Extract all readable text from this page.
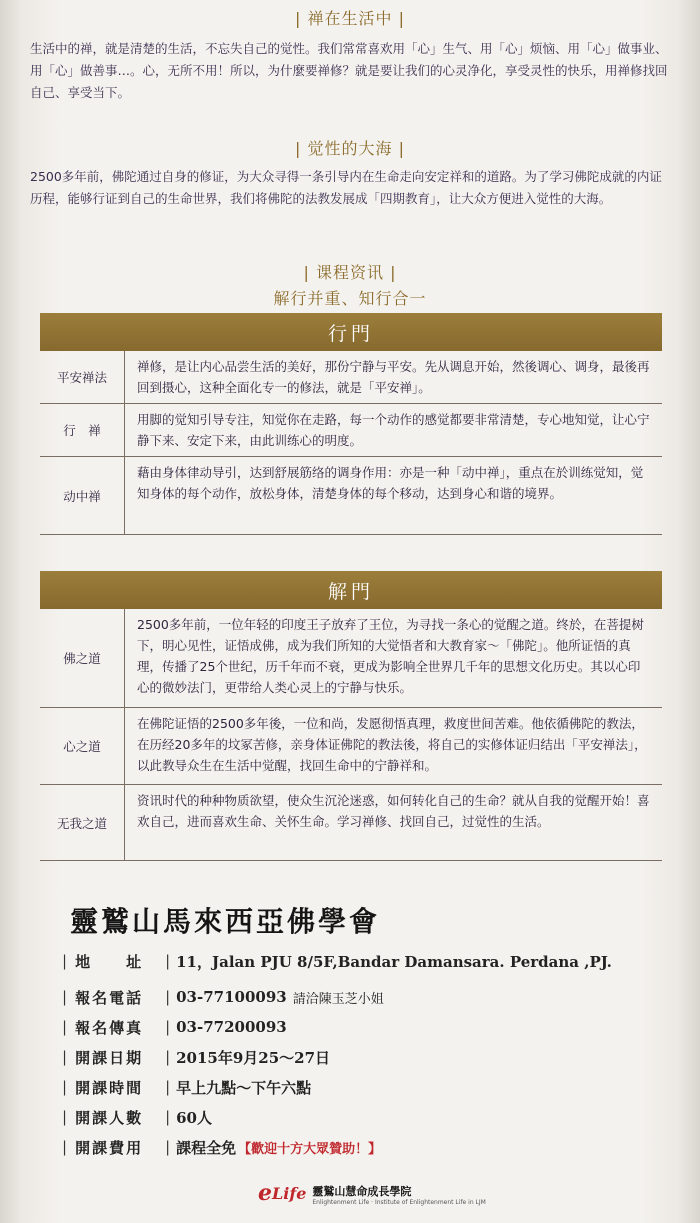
| 禅在生活中 |
生活中的禅，就是清楚的生活，不忘失自己的觉性。我们常常喜欢用「心」生气、用「心」烦恼、用「心」做事业、用「心」做善事…。心，无所不用！所以，为什麼要禅修？就是要让我们的心灵净化，享受灵性的快乐，用禅修找回自己、享受当下。
| 觉性的大海 |
2500多年前，佛陀通过自身的修证，为大众寻得一条引导内在生命走向安定祥和的道路。为了学习佛陀成就的内证历程，能够行证到自己的生命世界，我们将佛陀的法教发展成「四期教育」，让大众方便进入觉性的大海。
| 课程资讯 |
解行并重、知行合一
行門
平安禅法
禅修，是让内心品尝生活的美好，那份宁静与平安。先从调息开始，然後调心、调身，最後再回到摄心，这种全面化专一的修法，就是「平安禅」。
行　禅
用脚的觉知引导专注，知觉你在走路，每一个动作的感觉都要非常清楚，专心地知觉，让心宁静下来、安定下来，由此训练心的明度。
动中禅
藉由身体律动导引，达到舒展筋络的调身作用：亦是一种「动中禅」，重点在於训练觉知，觉知身体的每个动作，放松身体，清楚身体的每个移动，达到身心和谐的境界。
解門
佛之道
2500多年前，一位年轻的印度王子放弃了王位，为寻找一条心的觉醒之道。终於，在菩提树下，明心见性，证悟成佛，成为我们所知的大觉悟者和大教育家～「佛陀」。他所证悟的真理，传播了25个世纪，历千年而不衰，更成为影响全世界几千年的思想文化历史。其以心印心的微妙法门，更带给人类心灵上的宁静与快乐。
心之道
在佛陀证悟的2500多年後，一位和尚，发愿彻悟真理，救度世间苦难。他依循佛陀的教法，在历经20多年的坟冢苦修，亲身体证佛陀的教法後，将自己的实修体证归结出「平安禅法」，以此教导众生在生活中觉醒，找回生命中的宁静祥和。
无我之道
资讯时代的种种物质欲望，使众生沉沦迷惑，如何转化自己的生命？就从自我的觉醒开始！喜欢自己，进而喜欢生命、关怀生命。学习禅修、找回自己，过觉性的生活。
靈鷲山馬來西亞佛學會
| 地　　址	| 11，Jalan PJU 8/5F,Bandar Damansara. Perdana ,PJ.
| 報名電話	| 03-77100093 請洽陳玉芝小姐
| 報名傳真	| 03-77200093
| 開課日期	| 2015年9月25～27日
| 開課時間	| 早上九點～下午六點
| 開課人數	| 60人
| 開課費用	| 課程全免 【歡迎十方大眾贊助！】
e Life 靈鷲山慧命成長學院
Enlightenment Life · Institute of Enlightenment Life in LJM
